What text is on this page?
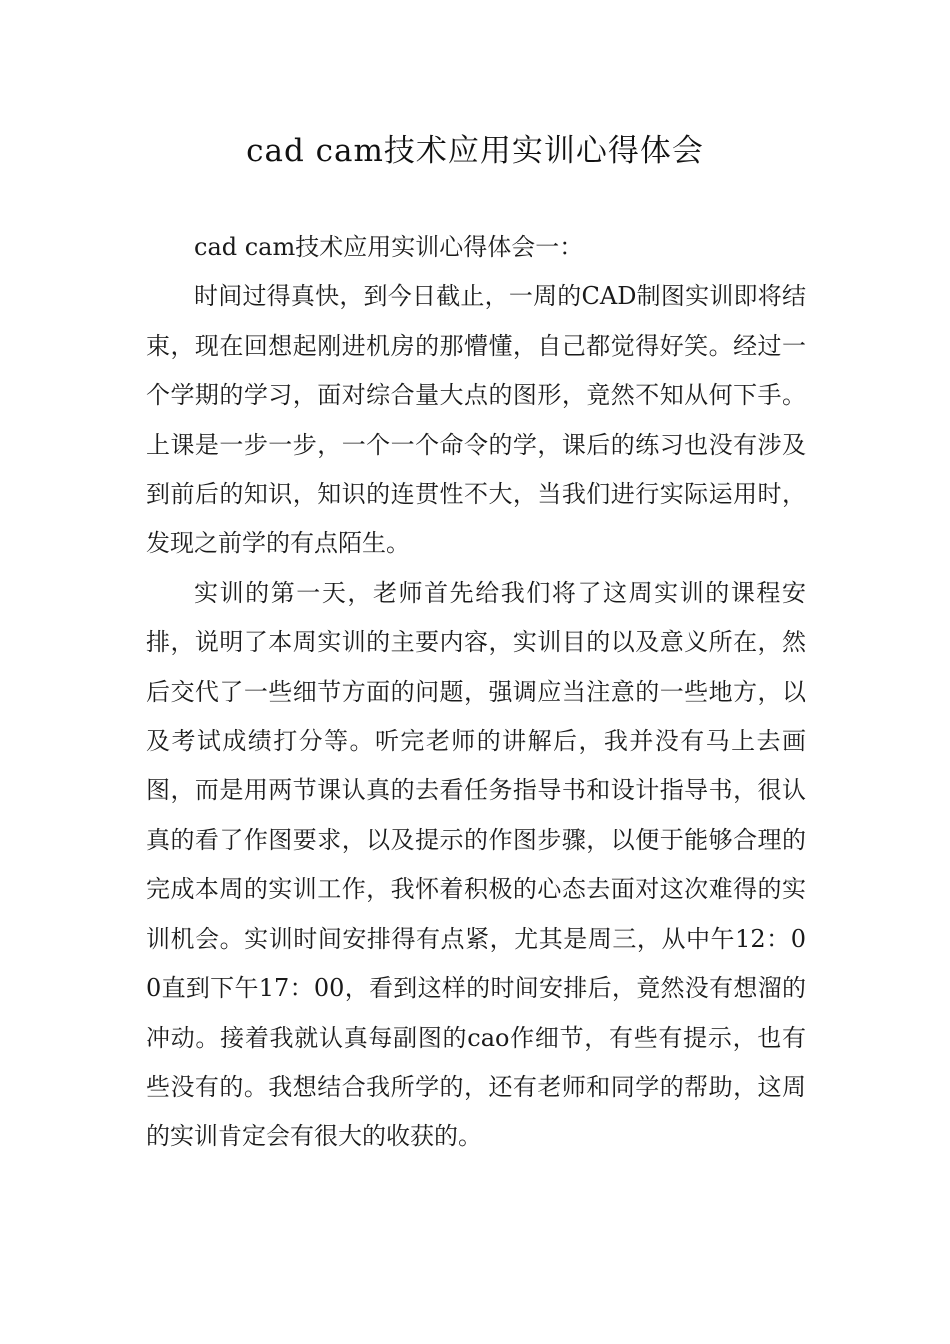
cad cam技术应用实训心得体会

cad cam技术应用实训心得体会一：

时间过得真快，到今日截止，一周的CAD制图实训即将结束，现在回想起刚进机房的那懵懂，自己都觉得好笑。经过一个学期的学习，面对综合量大点的图形，竟然不知从何下手。上课是一步一步，一个一个命令的学，课后的练习也没有涉及到前后的知识，知识的连贯性不大，当我们进行实际运用时，发现之前学的有点陌生。

实训的第一天，老师首先给我们将了这周实训的课程安排，说明了本周实训的主要内容，实训目的以及意义所在，然后交代了一些细节方面的问题，强调应当注意的一些地方，以及考试成绩打分等。听完老师的讲解后，我并没有马上去画图，而是用两节课认真的去看任务指导书和设计指导书，很认真的看了作图要求，以及提示的作图步骤，以便于能够合理的完成本周的实训工作，我怀着积极的心态去面对这次难得的实训机会。实训时间安排得有点紧，尤其是周三，从中午12：00直到下午17：00，看到这样的时间安排后，竟然没有想溜的冲动。接着我就认真每副图的cao作细节，有些有提示，也有些没有的。我想结合我所学的，还有老师和同学的帮助，这周的实训肯定会有很大的收获的。
